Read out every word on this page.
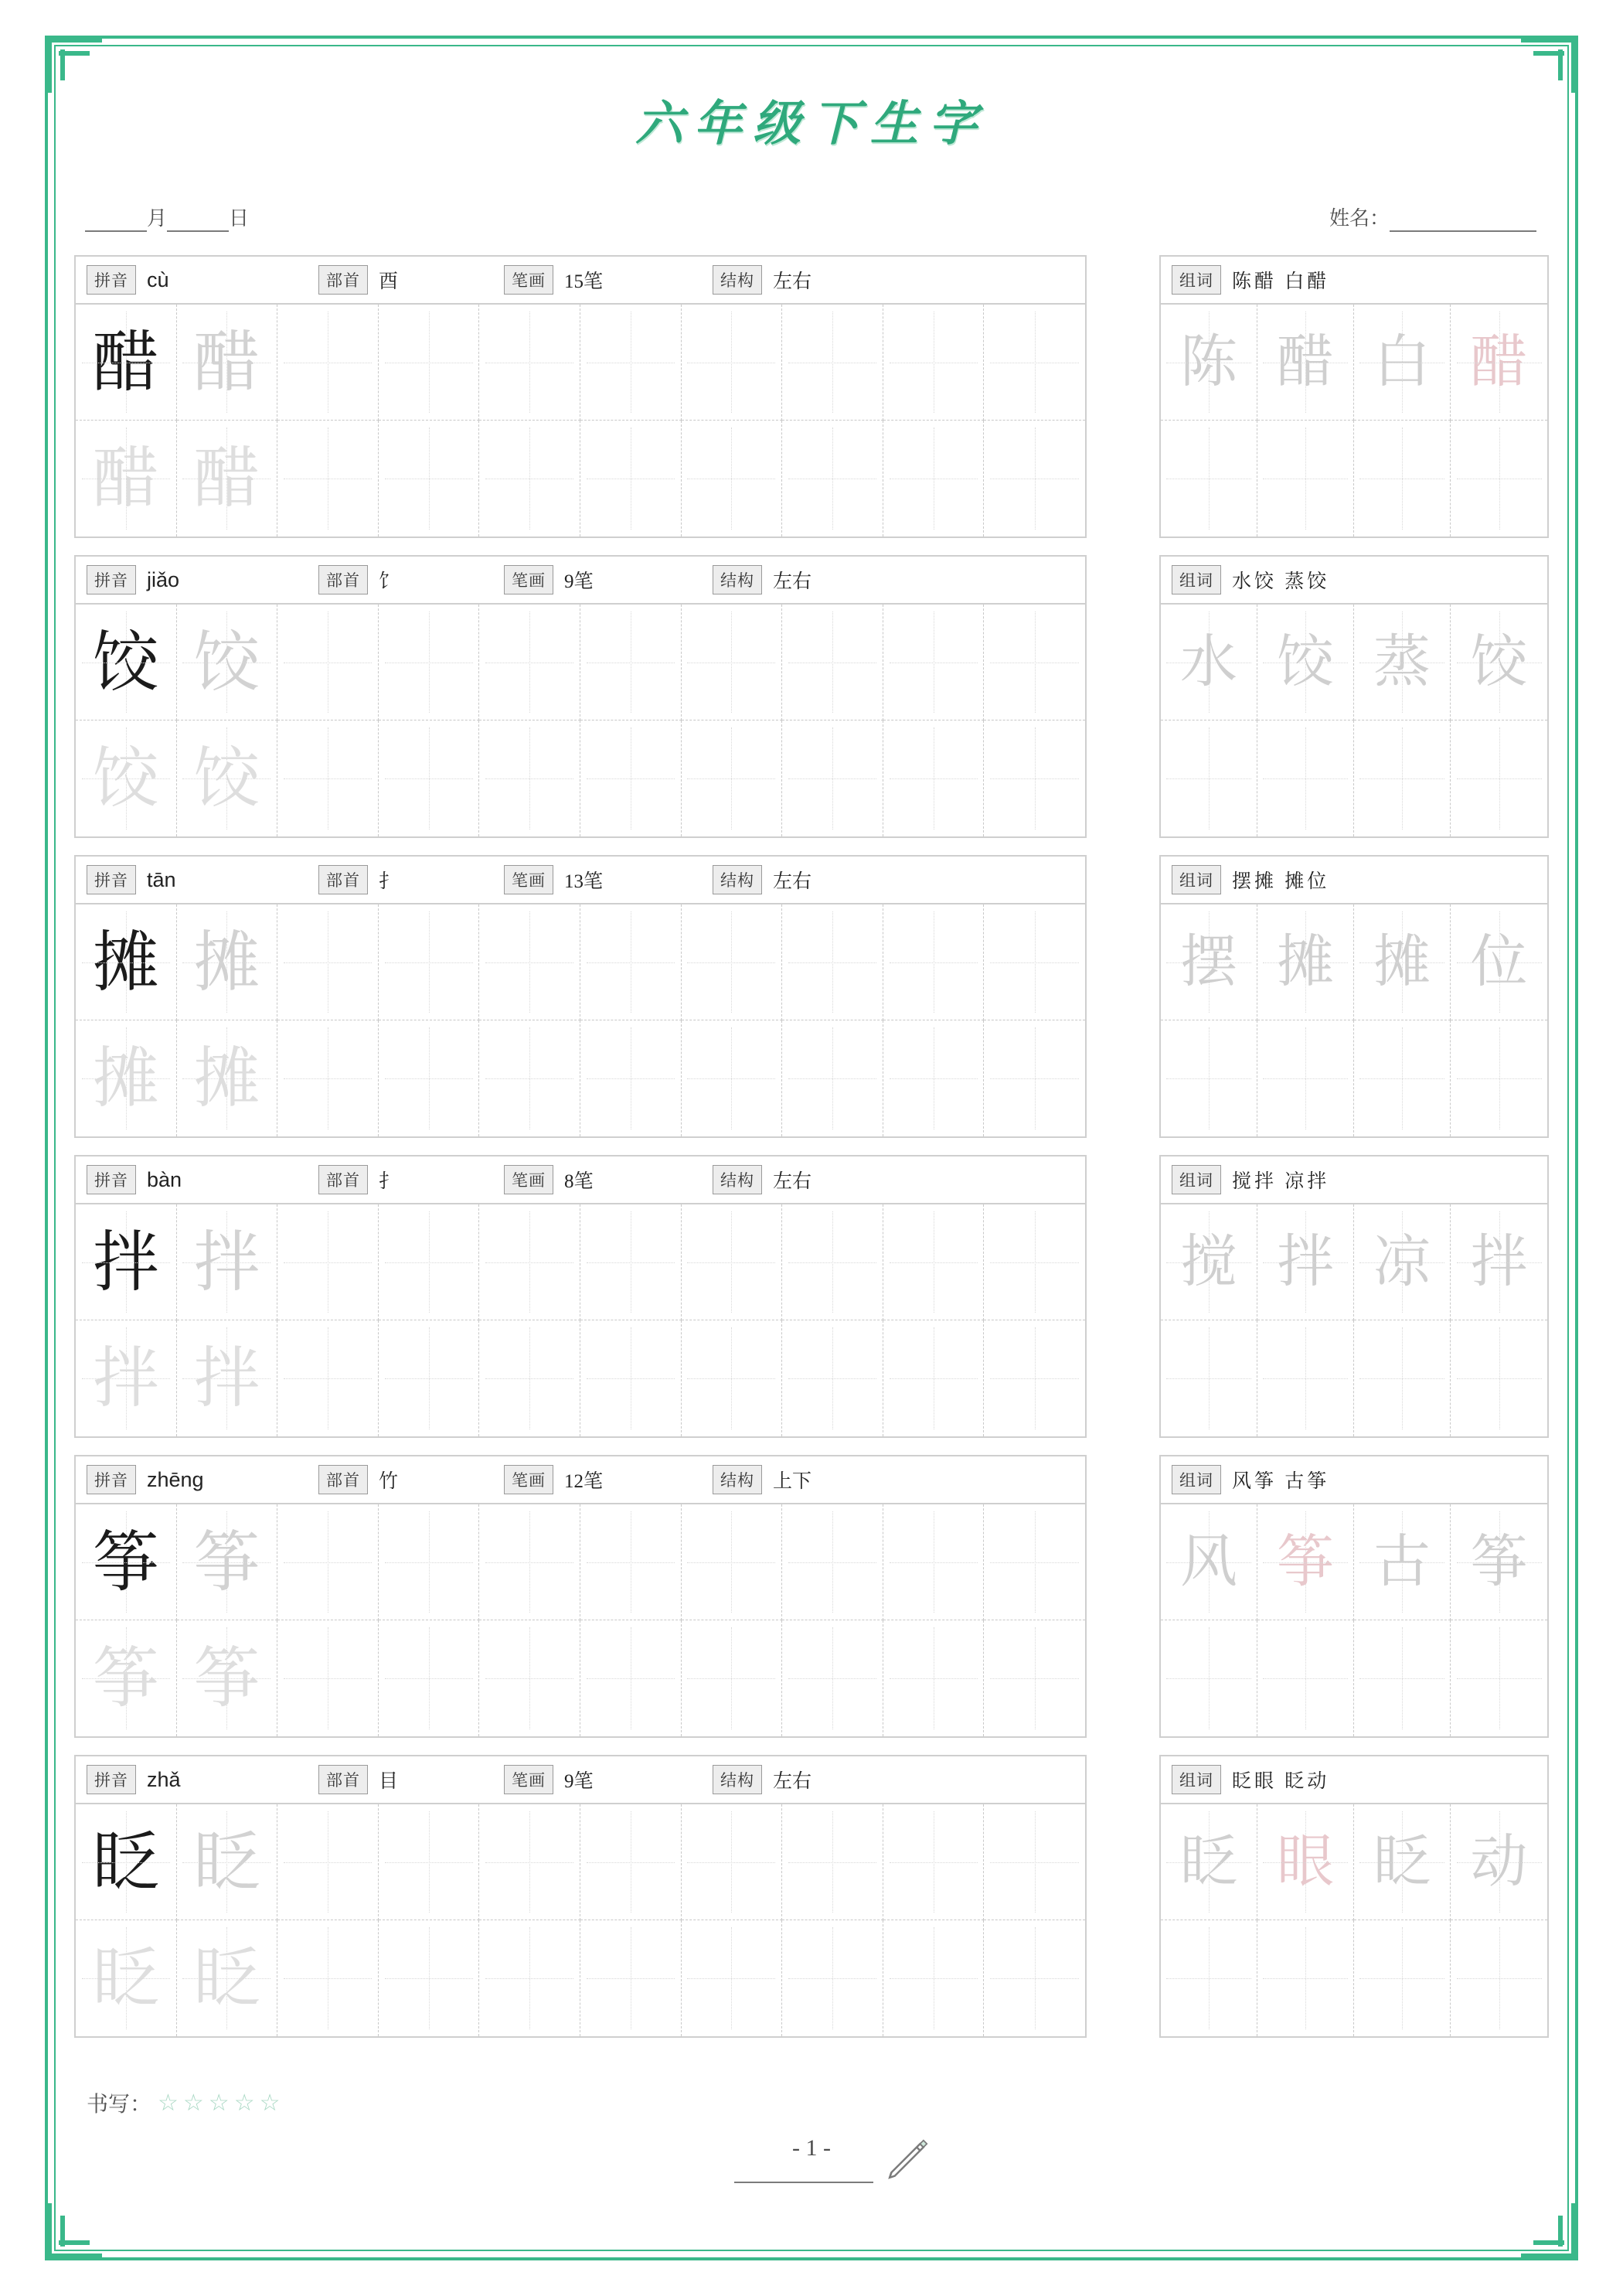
六年级下生字
月	日	姓名：
拼音 cù	部首 酉	笔画 15笔	结构 左右
醋 醋
醋 醋
组词 陈醋 白醋
陈 醋 白 醋
拼音 jiǎo	部首 饣	笔画 9笔	结构 左右
饺 饺
饺 饺
组词 水饺 蒸饺
水 饺 蒸 饺
拼音 tān	部首 扌	笔画 13笔	结构 左右
摊 摊
摊 摊
组词 摆摊 摊位
摆 摊 摊 位
拼音 bàn	部首 扌	笔画 8笔	结构 左右
拌 拌
拌 拌
组词 搅拌 凉拌
搅 拌 凉 拌
拼音 zhēng	部首 竹	笔画 12笔	结构 上下
筝 筝
筝 筝
组词 风筝 古筝
风 筝 古 筝
拼音 zhǎ	部首 目	笔画 9笔	结构 左右
眨 眨
眨 眨
组词 眨眼 眨动
眨 眼 眨 动
书写： ☆☆☆☆☆
- 1 -
